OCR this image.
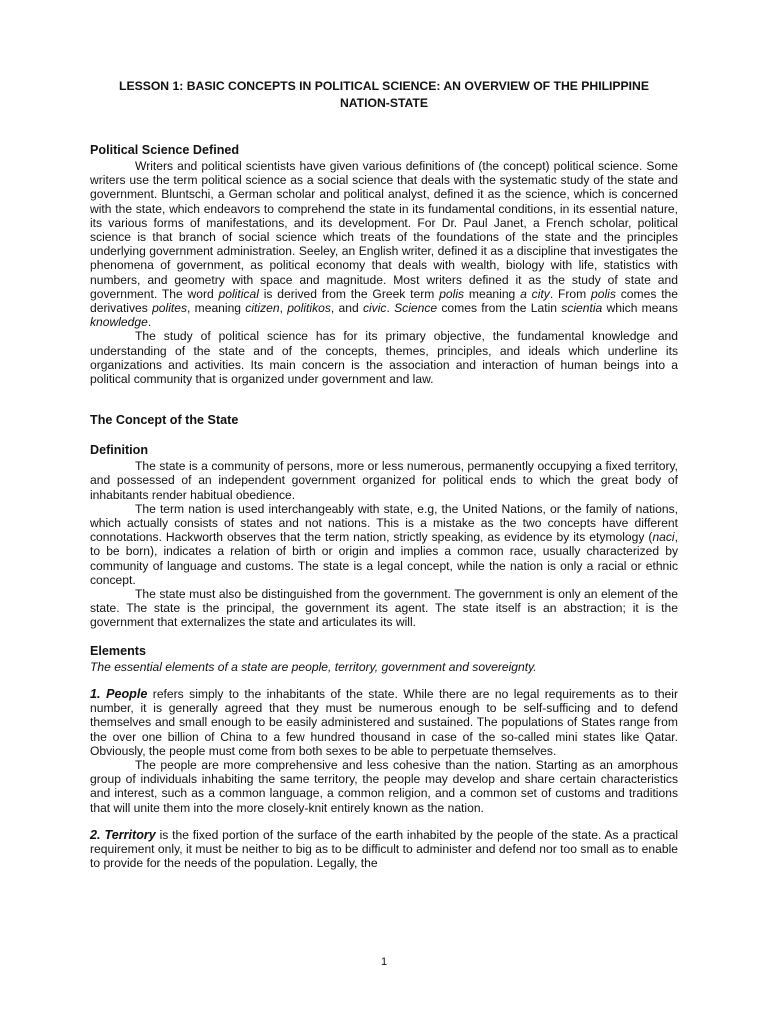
LESSON 1: BASIC CONCEPTS IN POLITICAL SCIENCE: AN OVERVIEW OF THE PHILIPPINE NATION-STATE
Political Science Defined

Writers and political scientists have given various definitions of (the concept) political science. Some writers use the term political science as a social science that deals with the systematic study of the state and government. Bluntschi, a German scholar and political analyst, defined it as the science, which is concerned with the state, which endeavors to comprehend the state in its fundamental conditions, in its essential nature, its various forms of manifestations, and its development. For Dr. Paul Janet, a French scholar, political science is that branch of social science which treats of the foundations of the state and the principles underlying government administration. Seeley, an English writer, defined it as a discipline that investigates the phenomena of government, as political economy that deals with wealth, biology with life, statistics with numbers, and geometry with space and magnitude. Most writers defined it as the study of state and government. The word political is derived from the Greek term polis meaning a city. From polis comes the derivatives polites, meaning citizen, politikos, and civic. Science comes from the Latin scientia which means knowledge.

The study of political science has for its primary objective, the fundamental knowledge and understanding of the state and of the concepts, themes, principles, and ideals which underline its organizations and activities. Its main concern is the association and interaction of human beings into a political community that is organized under government and law.

The Concept of the State
Definition

The state is a community of persons, more or less numerous, permanently occupying a fixed territory, and possessed of an independent government organized for political ends to which the great body of inhabitants render habitual obedience.

The term nation is used interchangeably with state, e.g, the United Nations, or the family of nations, which actually consists of states and not nations. This is a mistake as the two concepts have different connotations. Hackworth observes that the term nation, strictly speaking, as evidence by its etymology (naci, to be born), indicates a relation of birth or origin and implies a common race, usually characterized by community of language and customs. The state is a legal concept, while the nation is only a racial or ethnic concept.

The state must also be distinguished from the government. The government is only an element of the state. The state is the principal, the government its agent. The state itself is an abstraction; it is the government that externalizes the state and articulates its will.

Elements

The essential elements of a state are people, territory, government and sovereignty.

1. People refers simply to the inhabitants of the state. While there are no legal requirements as to their number, it is generally agreed that they must be numerous enough to be self-sufficing and to defend themselves and small enough to be easily administered and sustained. The populations of States range from the over one billion of China to a few hundred thousand in case of the so-called mini states like Qatar. Obviously, the people must come from both sexes to be able to perpetuate themselves.

The people are more comprehensive and less cohesive than the nation. Starting as an amorphous group of individuals inhabiting the same territory, the people may develop and share certain characteristics and interest, such as a common language, a common religion, and a common set of customs and traditions that will unite them into the more closely-knit entirely known as the nation.

2. Territory is the fixed portion of the surface of the earth inhabited by the people of the state. As a practical requirement only, it must be neither to big as to be difficult to administer and defend nor too small as to enable to provide for the needs of the population. Legally, the

1
